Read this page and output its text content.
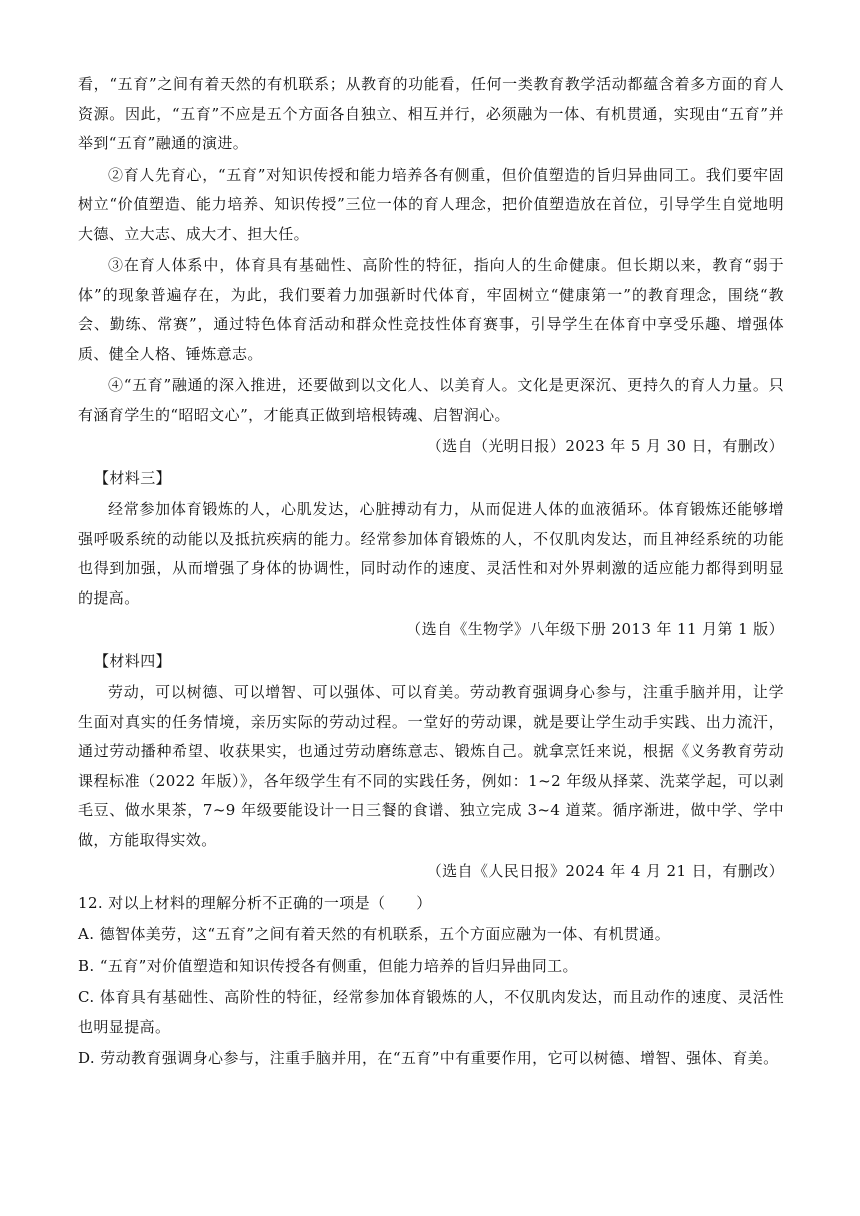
看，“五育”之间有着天然的有机联系；从教育的功能看，任何一类教育教学活动都蕴含着多方面的育人资源。因此，“五育”不应是五个方面各自独立、相互并行，必须融为一体、有机贯通，实现由“五育”并举到“五育”融通的演进。

②育人先育心，“五育”对知识传授和能力培养各有侧重，但价值塑造的旨归异曲同工。我们要牢固树立“价值塑造、能力培养、知识传授”三位一体的育人理念，把价值塑造放在首位，引导学生自觉地明大德、立大志、成大才、担大任。

③在育人体系中，体育具有基础性、高阶性的特征，指向人的生命健康。但长期以来，教育“弱于体”的现象普遍存在，为此，我们要着力加强新时代体育，牢固树立“健康第一”的教育理念，围绕“教会、勤练、常赛”，通过特色体育活动和群众性竞技性体育赛事，引导学生在体育中享受乐趣、增强体质、健全人格、锤炼意志。

④“五育”融通的深入推进，还要做到以文化人、以美育人。文化是更深沉、更持久的育人力量。只有涵育学生的“昭昭文心”，才能真正做到培根铸魂、启智润心。

（选自（光明日报）2023 年 5 月 30 日，有删改）

【材料三】

经常参加体育锻炼的人，心肌发达，心脏搏动有力，从而促进人体的血液循环。体育锻炼还能够增强呼吸系统的动能以及抵抗疾病的能力。经常参加体育锻炼的人，不仅肌肉发达，而且神经系统的功能也得到加强，从而增强了身体的协调性，同时动作的速度、灵活性和对外界刺激的适应能力都得到明显的提高。

（选自《生物学》八年级下册 2013 年 11 月第 1 版）

【材料四】

劳动，可以树德、可以增智、可以强体、可以育美。劳动教育强调身心参与，注重手脑并用，让学生面对真实的任务情境，亲历实际的劳动过程。一堂好的劳动课，就是要让学生动手实践、出力流汗，通过劳动播种希望、收获果实，也通过劳动磨练意志、锻炼自己。就拿烹饪来说，根据《义务教育劳动课程标准（2022 年版）》，各年级学生有不同的实践任务，例如：1~2 年级从择菜、洗菜学起，可以剥毛豆、做水果茶，7~9 年级要能设计一日三餐的食谱、独立完成 3~4 道菜。循序渐进，做中学、学中做，方能取得实效。

（选自《人民日报》2024 年 4 月 21 日，有删改）

12. 对以上材料的理解分析不正确的一项是（　　）

A. 德智体美劳，这“五育”之间有着天然的有机联系，五个方面应融为一体、有机贯通。

B. “五育”对价值塑造和知识传授各有侧重，但能力培养的旨归异曲同工。

C. 体育具有基础性、高阶性的特征，经常参加体育锻炼的人，不仅肌肉发达，而且动作的速度、灵活性也明显提高。

D. 劳动教育强调身心参与，注重手脑并用，在“五育”中有重要作用，它可以树德、增智、强体、育美。
